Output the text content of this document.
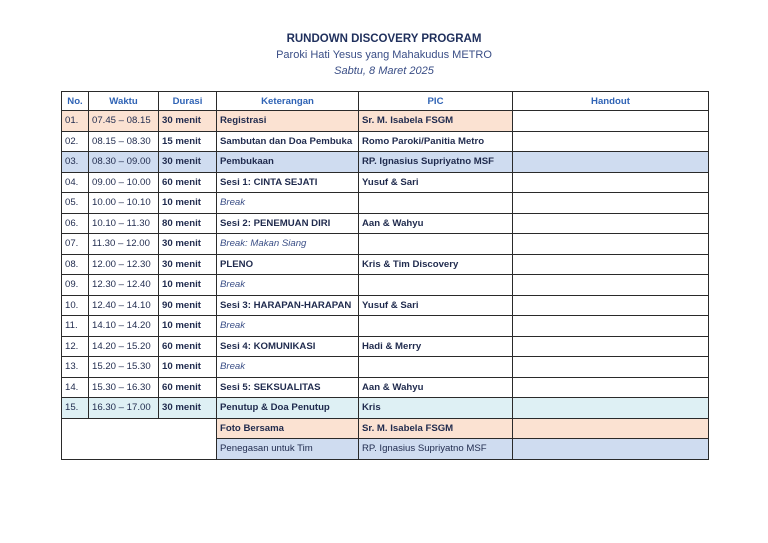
RUNDOWN DISCOVERY PROGRAM
Paroki Hati Yesus yang Mahakudus METRO
Sabtu, 8 Maret 2025
No.	Waktu	Durasi	Keterangan	PIC	Handout
01.	07.45 – 08.15	30 menit	Registrasi	Sr. M. Isabela FSGM	
02.	08.15 – 08.30	15 menit	Sambutan dan Doa Pembuka	Romo Paroki/Panitia Metro	
03.	08.30 – 09.00	30 menit	Pembukaan	RP. Ignasius Supriyatno MSF	
04.	09.00 – 10.00	60 menit	Sesi 1: CINTA SEJATI	Yusuf & Sari	
05.	10.00 – 10.10	10 menit	Break		
06.	10.10 – 11.30	80 menit	Sesi 2: PENEMUAN DIRI	Aan & Wahyu	
07.	11.30 – 12.00	30 menit	Break: Makan Siang		
08.	12.00 – 12.30	30 menit	PLENO	Kris & Tim Discovery	
09.	12.30 – 12.40	10 menit	Break		
10.	12.40 – 14.10	90 menit	Sesi 3: HARAPAN-HARAPAN	Yusuf & Sari	
11.	14.10 – 14.20	10 menit	Break		
12.	14.20 – 15.20	60 menit	Sesi 4: KOMUNIKASI	Hadi & Merry	
13.	15.20 – 15.30	10 menit	Break		
14.	15.30 – 16.30	60 menit	Sesi 5: SEKSUALITAS	Aan & Wahyu	
15.	16.30 – 17.00	30 menit	Penutup & Doa Penutup	Kris	
			Foto Bersama	Sr. M. Isabela FSGM	
			Penegasan untuk Tim	RP. Ignasius Supriyatno MSF	
